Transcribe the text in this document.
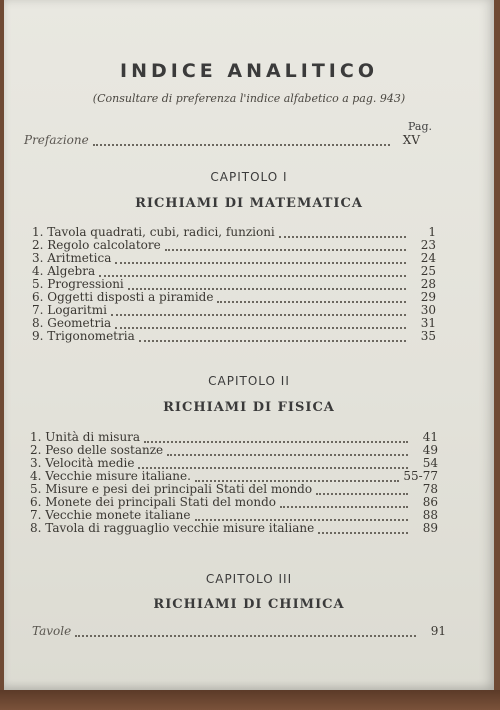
INDICE ANALITICO
(Consultare di preferenza l'indice alfabetico a pag. 943)
Pag.
Prefazione	XV
CAPITOLO I
RICHIAMI DI MATEMATICA
1. Tavola quadrati, cubi, radici, funzioni	1
2. Regolo calcolatore	23
3. Aritmetica	24
4. Algebra	25
5. Progressioni	28
6. Oggetti disposti a piramide	29
7. Logaritmi	30
8. Geometria	31
9. Trigonometria	35
CAPITOLO II
RICHIAMI DI FISICA
1. Unità di misura	41
2. Peso delle sostanze	49
3. Velocità medie	54
4. Vecchie misure italiane.	55-77
5. Misure e pesi dei principali Stati del mondo	78
6. Monete dei principali Stati del mondo	86
7. Vecchie monete italiane	88
8. Tavola di ragguaglio vecchie misure italiane	89
CAPITOLO III
RICHIAMI DI CHIMICA
Tavole	91
